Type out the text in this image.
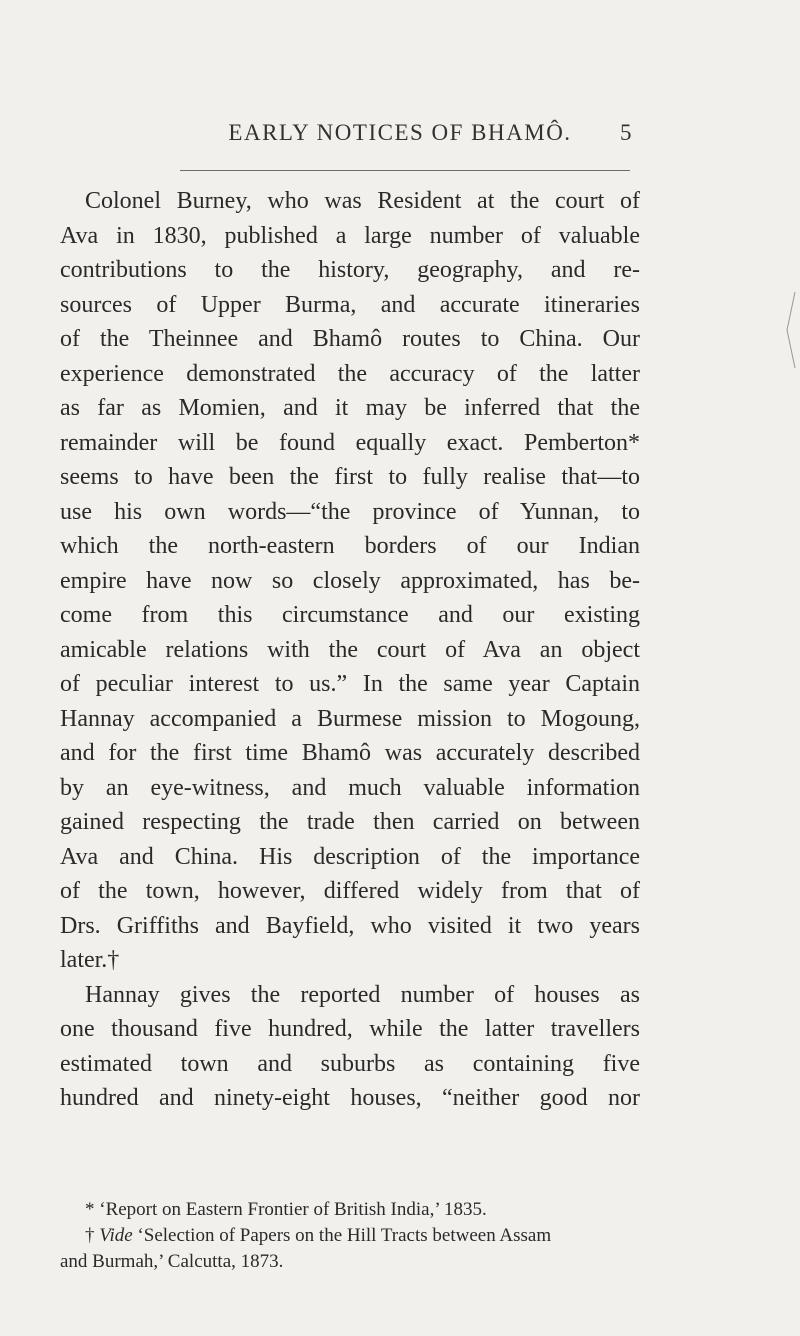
EARLY NOTICES OF BHAMÔ.	5
Colonel Burney, who was Resident at the court of
Ava in 1830, published a large number of valuable
contributions to the history, geography, and re-
sources of Upper Burma, and accurate itineraries
of the Theinnee and Bhamô routes to China. Our
experience demonstrated the accuracy of the latter
as far as Momien, and it may be inferred that the
remainder will be found equally exact. Pemberton*
seems to have been the first to fully realise that—to
use his own words—“the province of Yunnan, to
which the north-eastern borders of our Indian
empire have now so closely approximated, has be-
come from this circumstance and our existing
amicable relations with the court of Ava an object
of peculiar interest to us.” In the same year Captain
Hannay accompanied a Burmese mission to Mogoung,
and for the first time Bhamô was accurately described
by an eye-witness, and much valuable information
gained respecting the trade then carried on between
Ava and China. His description of the importance
of the town, however, differed widely from that of
Drs. Griffiths and Bayfield, who visited it two years
later.†
Hannay gives the reported number of houses as
one thousand five hundred, while the latter travellers
estimated town and suburbs as containing five
hundred and ninety-eight houses, “neither good nor
* ‘Report on Eastern Frontier of British India,’ 1835.
† Vide ‘Selection of Papers on the Hill Tracts between Assam
and Burmah,’ Calcutta, 1873.
